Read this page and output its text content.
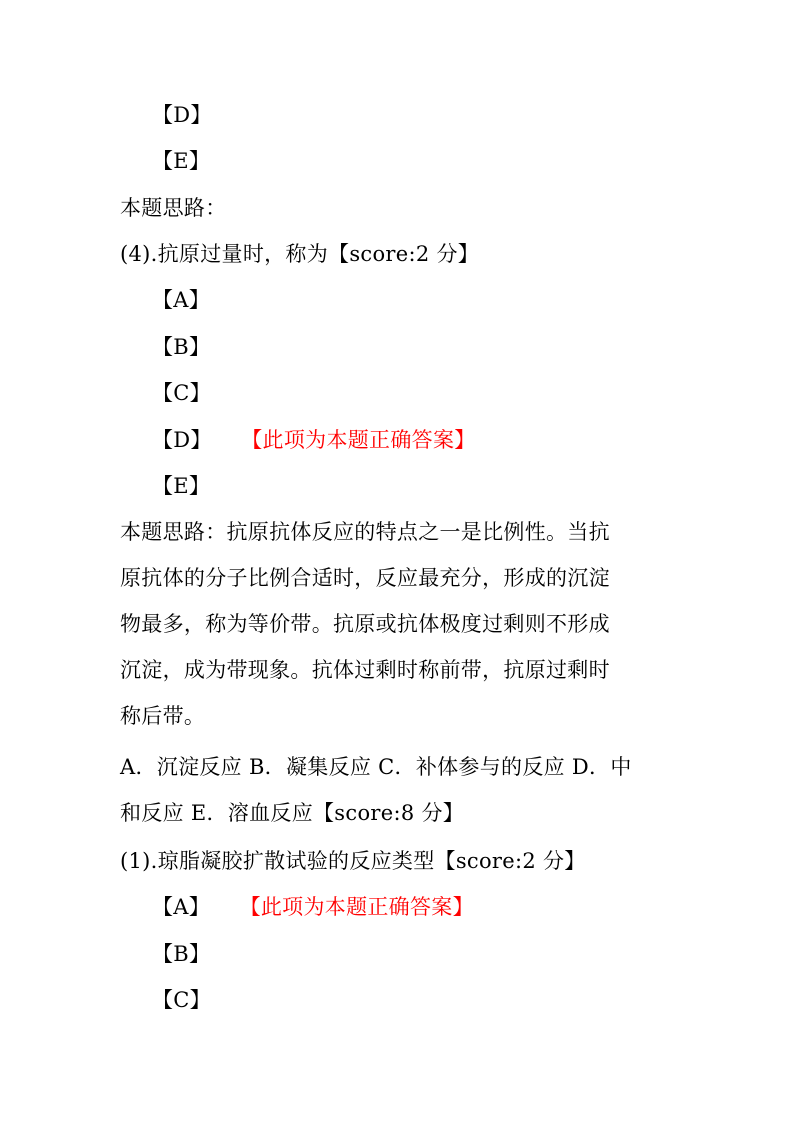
【D】
【E】
本题思路：
(4).抗原过量时，称为【score:2 分】
【A】
【B】
【C】
【D】 【此项为本题正确答案】
【E】
本题思路：抗原抗体反应的特点之一是比例性。当抗
原抗体的分子比例合适时，反应最充分，形成的沉淀
物最多，称为等价带。抗原或抗体极度过剩则不形成
沉淀，成为带现象。抗体过剩时称前带，抗原过剩时
称后带。
A．沉淀反应 B．凝集反应 C．补体参与的反应 D．中
和反应 E．溶血反应【score:8 分】
(1).琼脂凝胶扩散试验的反应类型【score:2 分】
【A】 【此项为本题正确答案】
【B】
【C】
